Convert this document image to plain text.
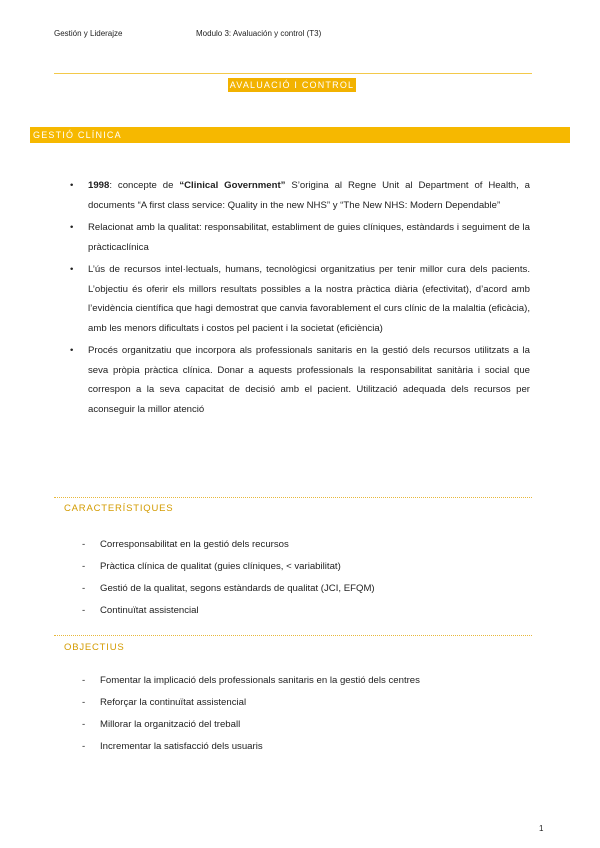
Gestión y Liderajze	Modulo 3: Avaluación y control (T3)
AVALUACIÓ I CONTROL
GESTIÓ CLÍNICA
• 1998: concepte de “Clinical Government” S’origina al Regne Unit al Department of Health, a documents “A first class service: Quality in the new NHS” y “The New NHS: Modern Dependable”
• Relacionat amb la qualitat: responsabilitat, establiment de guies clíniques, estàndards i seguiment de la pràcticaclínica
• L’ús de recursos intel·lectuals, humans, tecnològicsi organitzatius per tenir millor cura dels pacients. L’objectiu és oferir els millors resultats possibles a la nostra pràctica diària (efectivitat), d’acord amb l’evidència científica que hagi demostrat que canvia favorablement el curs clínic de la malaltia (eficàcia), amb les menors dificultats i costos pel pacient i la societat (eficiència)
• Procés organitzatiu que incorpora als professionals sanitaris en la gestió dels recursos utilitzats a la seva pròpia pràctica clínica. Donar a aquests professionals la responsabilitat sanitària i social que correspon a la seva capacitat de decisió amb el pacient. Utilització adequada dels recursos per aconseguir la millor atenció
CARACTERÍSTIQUES
- Corresponsabilitat en la gestió dels recursos
- Pràctica clínica de qualitat (guies clíniques, < variabilitat)
- Gestió de la qualitat, segons estàndards de qualitat (JCI, EFQM)
- Continuïtat assistencial
OBJECTIUS
- Fomentar la implicació dels professionals sanitaris en la gestió dels centres
- Reforçar la continuïtat assistencial
- Millorar la organització del treball
- Incrementar la satisfacció dels usuaris
1
